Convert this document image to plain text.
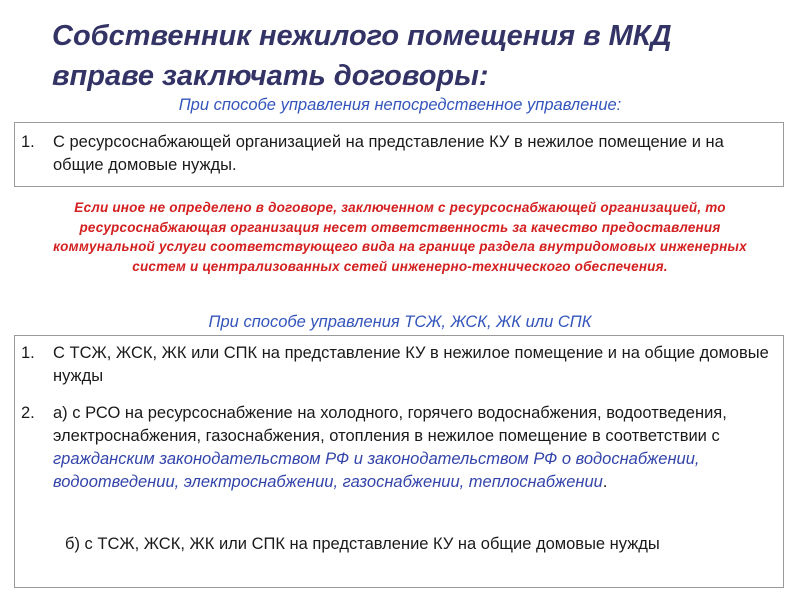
Собственник нежилого помещения в МКД вправе заключать договоры:
При способе управления непосредственное управление:
1. С ресурсоснабжающей организацией на представление КУ в нежилое помещение и на общие домовые нужды.
Если иное не определено в договоре, заключенном с ресурсоснабжающей организацией, то ресурсоснабжающая организация несет ответственность за качество предоставления коммунальной услуги соответствующего вида на границе раздела внутридомовых инженерных систем и централизованных сетей инженерно-технического обеспечения.
При способе управления ТСЖ, ЖСК, ЖК или СПК
1. С ТСЖ, ЖСК, ЖК или СПК на представление КУ в нежилое помещение и на общие домовые нужды
2. а) с РСО на ресурсоснабжение на холодного, горячего водоснабжения, водоотведения, электроснабжения, газоснабжения, отопления в нежилое помещение в соответствии с гражданским законодательством РФ и законодательством РФ о водоснабжении, водоотведении, электроснабжении, газоснабжении, теплоснабжении.
б) с ТСЖ, ЖСК, ЖК или СПК на представление КУ на общие домовые нужды
